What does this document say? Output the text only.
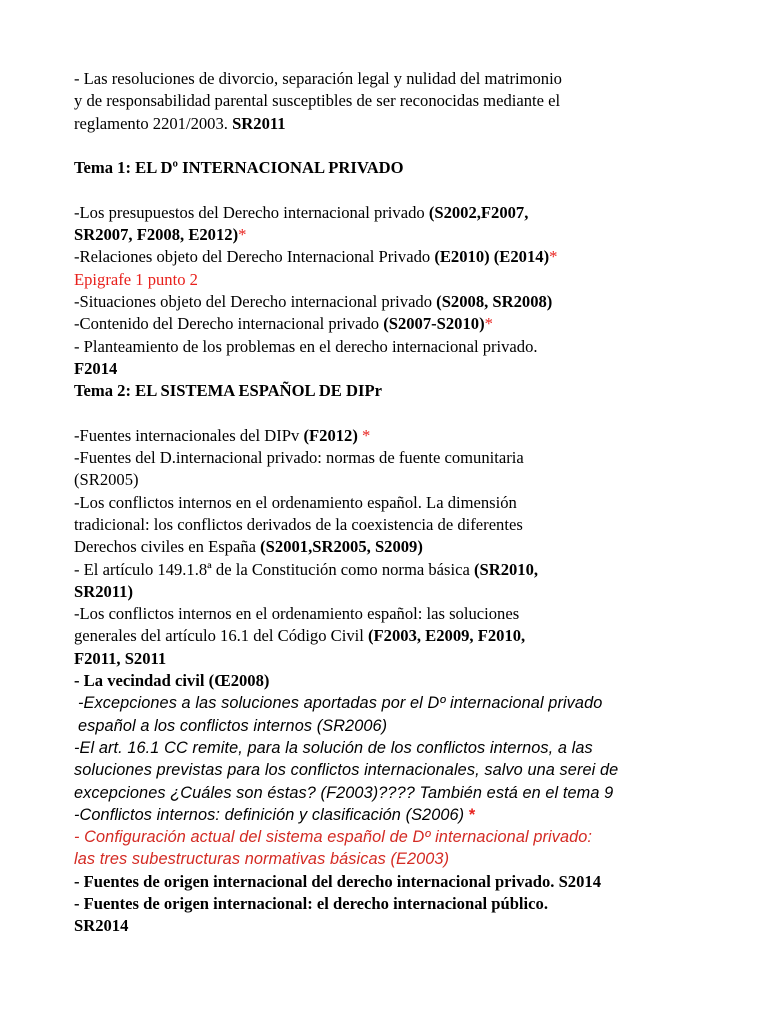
- Las resoluciones de divorcio, separación legal y nulidad del matrimonio

y de responsabilidad parental susceptibles de ser reconocidas mediante el

reglamento 2201/2003. SR2011

Tema 1: EL Dº INTERNACIONAL PRIVADO

-Los presupuestos del Derecho internacional privado (S2002,F2007,

SR2007, F2008, E2012)*

-Relaciones objeto del Derecho Internacional Privado (E2010) (E2014)*

Epigrafe 1 punto 2

-Situaciones objeto del Derecho internacional privado (S2008, SR2008)

-Contenido del Derecho internacional privado (S2007-S2010)*

- Planteamiento de los problemas en el derecho internacional privado.

F2014

Tema 2: EL SISTEMA ESPAÑOL DE DIPr

-Fuentes internacionales del DIPv (F2012) *

-Fuentes del D.internacional privado: normas de fuente comunitaria

(SR2005)

-Los conflictos internos en el ordenamiento español. La dimensión

tradicional: los conflictos derivados de la coexistencia de diferentes

Derechos civiles en España (S2001,SR2005, S2009)

- El artículo 149.1.8ª de la Constitución como norma básica (SR2010,

SR2011)

-Los conflictos internos en el ordenamiento español: las soluciones

generales del artículo 16.1 del Código Civil (F2003, E2009, F2010,

F2011, S2011

- La vecindad civil (Œ2008)

-Excepciones a las soluciones aportadas por el Dº internacional privado

español a los conflictos internos (SR2006)

-El art. 16.1 CC remite, para la solución de los conflictos internos, a las

soluciones previstas para los conflictos internacionales, salvo una serei de

excepciones ¿Cuáles son éstas? (F2003)???? También está en el tema 9

-Conflictos internos: definición y clasificación (S2006) *

- Configuración actual del sistema español de Dº internacional privado:

las tres subestructuras normativas básicas (E2003)

- Fuentes de origen internacional del derecho internacional privado. S2014

- Fuentes de origen internacional: el derecho internacional público.

SR2014
